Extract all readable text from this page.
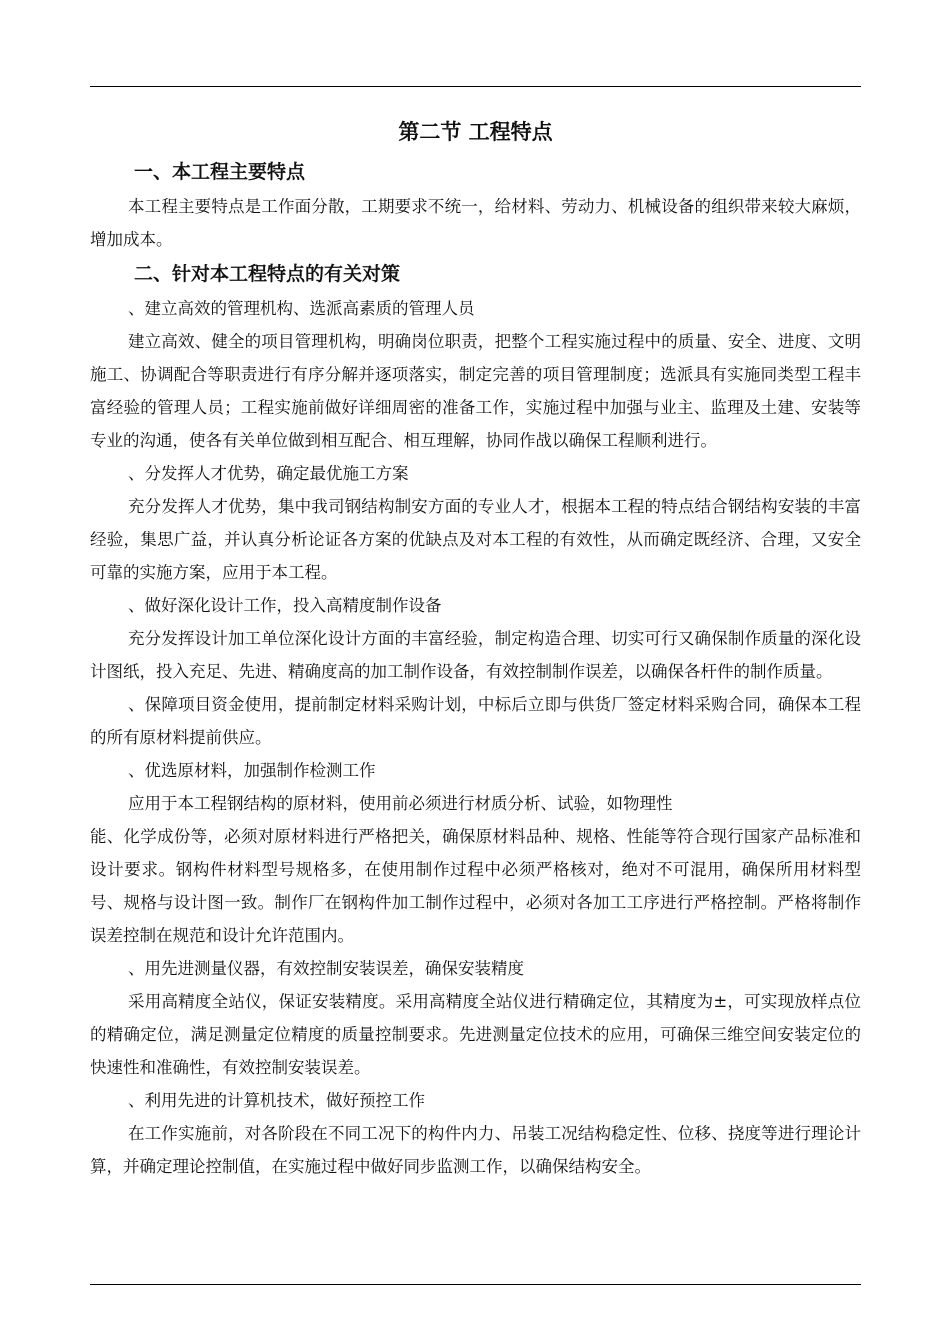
第二节 工程特点
一、本工程主要特点

本工程主要特点是工作面分散，工期要求不统一，给材料、劳动力、机械设备的组织带来较大麻烦，增加成本。

二、针对本工程特点的有关对策

、建立高效的管理机构、选派高素质的管理人员

建立高效、健全的项目管理机构，明确岗位职责，把整个工程实施过程中的质量、安全、进度、文明施工、协调配合等职责进行有序分解并逐项落实，制定完善的项目管理制度；选派具有实施同类型工程丰富经验的管理人员；工程实施前做好详细周密的准备工作，实施过程中加强与业主、监理及土建、安装等专业的沟通，使各有关单位做到相互配合、相互理解，协同作战以确保工程顺利进行。

、分发挥人才优势，确定最优施工方案

充分发挥人才优势，集中我司钢结构制安方面的专业人才，根据本工程的特点结合钢结构安装的丰富经验，集思广益，并认真分析论证各方案的优缺点及对本工程的有效性，从而确定既经济、合理，又安全可靠的实施方案，应用于本工程。

、做好深化设计工作，投入高精度制作设备

充分发挥设计加工单位深化设计方面的丰富经验，制定构造合理、切实可行又确保制作质量的深化设计图纸，投入充足、先进、精确度高的加工制作设备，有效控制制作误差，以确保各杆件的制作质量。

、保障项目资金使用，提前制定材料采购计划，中标后立即与供货厂签定材料采购合同，确保本工程的所有原材料提前供应。

、优选原材料，加强制作检测工作

应用于本工程钢结构的原材料，使用前必须进行材质分析、试验，如物理性

能、化学成份等，必须对原材料进行严格把关，确保原材料品种、规格、性能等符合现行国家产品标准和设计要求。钢构件材料型号规格多，在使用制作过程中必须严格核对，绝对不可混用，确保所用材料型号、规格与设计图一致。制作厂在钢构件加工制作过程中，必须对各加工工序进行严格控制。严格将制作误差控制在规范和设计允许范围内。

、用先进测量仪器，有效控制安装误差，确保安装精度

采用高精度全站仪，保证安装精度。采用高精度全站仪进行精确定位，其精度为±，可实现放样点位的精确定位，满足测量定位精度的质量控制要求。先进测量定位技术的应用，可确保三维空间安装定位的快速性和准确性，有效控制安装误差。

、利用先进的计算机技术，做好预控工作

在工作实施前，对各阶段在不同工况下的构件内力、吊装工况结构稳定性、位移、挠度等进行理论计算，并确定理论控制值，在实施过程中做好同步监测工作，以确保结构安全。
